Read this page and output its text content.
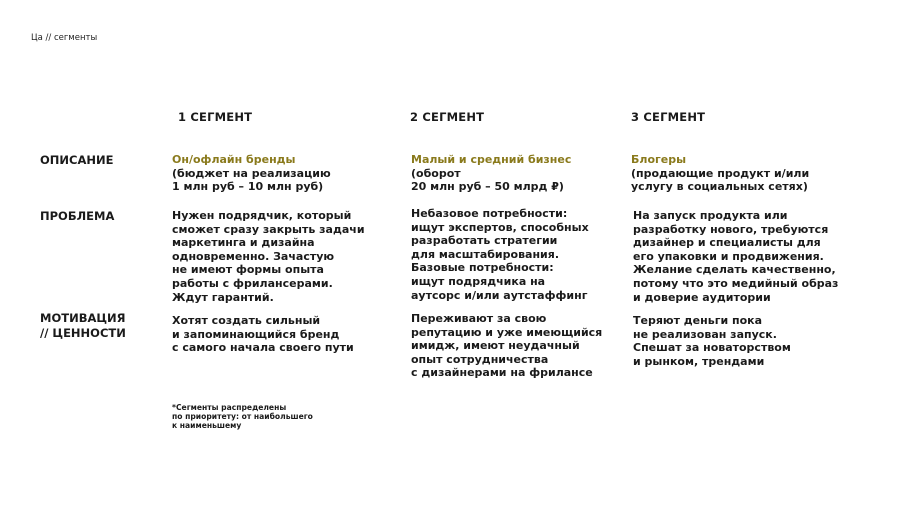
Ца // сегменты
1 СЕГМЕНТ	2 СЕГМЕНТ	3 СЕГМЕНТ
ОПИСАНИЕ
ПРОБЛЕМА
МОТИВАЦИЯ
// ЦЕННОСТИ
Он/офлайн бренды
(бюджет на реализацию
1 млн руб – 10 млн руб)
Малый и средний бизнес
(оборот
20 млн руб – 50 млрд ₽)
Блогеры
(продающие продукт и/или
услугу в социальных сетях)
Нужен подрядчик, который
сможет сразу закрыть задачи
маркетинга и дизайна
одновременно. Зачастую
не имеют формы опыта
работы с фрилансерами.
Ждут гарантий.
Небазовое потребности:
ищут экспертов, способных
разработать стратегии
для масштабирования.
Базовые потребности:
ищут подрядчика на
аутсорс и/или аутстаффинг
На запуск продукта или
разработку нового, требуются
дизайнер и специалисты для
его упаковки и продвижения.
Желание сделать качественно,
потому что это медийный образ
и доверие аудитории
Хотят создать сильный
и запоминающийся бренд
с самого начала своего пути
Переживают за свою
репутацию и уже имеющийся
имидж, имеют неудачный
опыт сотрудничества
с дизайнерами на фрилансе
Теряют деньги пока
не реализован запуск.
Спешат за новаторством
и рынком, трендами
*Сегменты распределены
по приоритету: от наибольшего
к наименьшему
